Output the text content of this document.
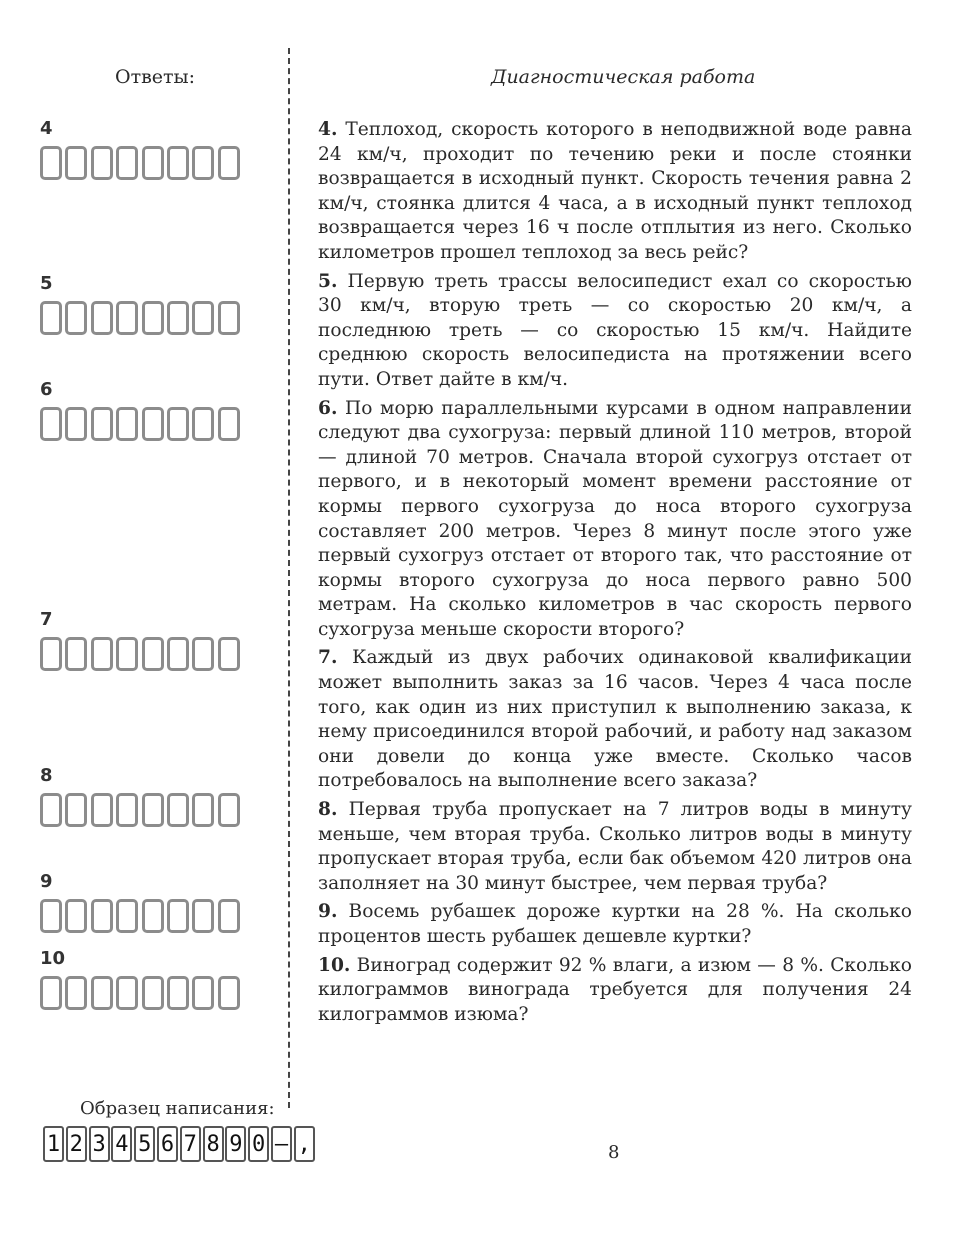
Ответы:	Диагностическая работа
4
5
6
7
8
9
10

4. Теплоход, скорость которого в неподвижной воде равна 24 км/ч, проходит по течению реки и после стоянки возвращается в исходный пункт. Скорость течения равна 2 км/ч, стоянка длится 4 часа, а в исходный пункт теплоход возвращается через 16 ч после отплытия из него. Сколько километров прошел теплоход за весь рейс?

5. Первую треть трассы велосипедист ехал со скоростью 30 км/ч, вторую треть — со скоростью 20 км/ч, а последнюю треть — со скоростью 15 км/ч. Найдите среднюю скорость велосипедиста на протяжении всего пути. Ответ дайте в км/ч.

6. По морю параллельными курсами в одном направлении следуют два сухогруза: первый длиной 110 метров, второй — длиной 70 метров. Сначала второй сухогруз отстает от первого, и в некоторый момент времени расстояние от кормы первого сухогруза до носа второго сухогруза составляет 200 метров. Через 8 минут после этого уже первый сухогруз отстает от второго так, что расстояние от кормы второго сухогруза до носа первого равно 500 метрам. На сколько километров в час скорость первого сухогруза меньше скорости второго?

7. Каждый из двух рабочих одинаковой квалификации может выполнить заказ за 16 часов. Через 4 часа после того, как один из них приступил к выполнению заказа, к нему присоединился второй рабочий, и работу над заказом они довели до конца уже вместе. Сколько часов потребовалось на выполнение всего заказа?

8. Первая труба пропускает на 7 литров воды в минуту меньше, чем вторая труба. Сколько литров воды в минуту пропускает вторая труба, если бак объемом 420 литров она заполняет на 30 минут быстрее, чем первая труба?

9. Восемь рубашек дороже куртки на 28 %. На сколько процентов шесть рубашек дешевле куртки?

10. Виноград содержит 92 % влаги, а изюм — 8 %. Сколько килограммов винограда требуется для получения 24 килограммов изюма?

Образец написания:
1 2 3 4 5 6 7 8 9 0 – ,	8
